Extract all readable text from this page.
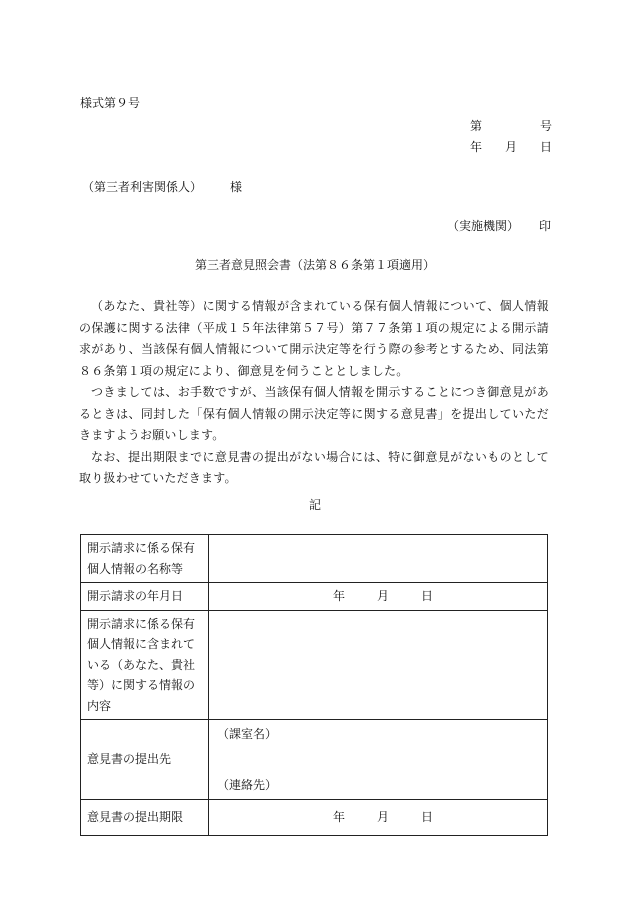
様式第９号
第	号
年 月 日
（第三者利害関係人） 様
（実施機関） 印
第三者意見照会書（法第８６条第１項適用）

（あなた、貴社等）に関する情報が含まれている保有個人情報について、個人情報の保護に関する法律（平成１５年法律第５７号）第７７条第１項の規定による開示請求があり、当該保有個人情報について開示決定等を行う際の参考とするため、同法第８６条第１項の規定により、御意見を伺うこととしました。

つきましては、お手数ですが、当該保有個人情報を開示することにつき御意見があるときは、同封した「保有個人情報の開示決定等に関する意見書」を提出していただきますようお願いします。

なお、提出期限までに意見書の提出がない場合には、特に御意見がないものとして取り扱わせていただきます。

記
開示請求に係る保有個人情報の名称等	
開示請求の年月日	年 月 日

開示請求に係る保有個人情報に含まれている（あなた、貴社等）に関する情報の内容	
意見書の提出先	（課室名）
（連絡先）

意見書の提出期限	年 月 日
